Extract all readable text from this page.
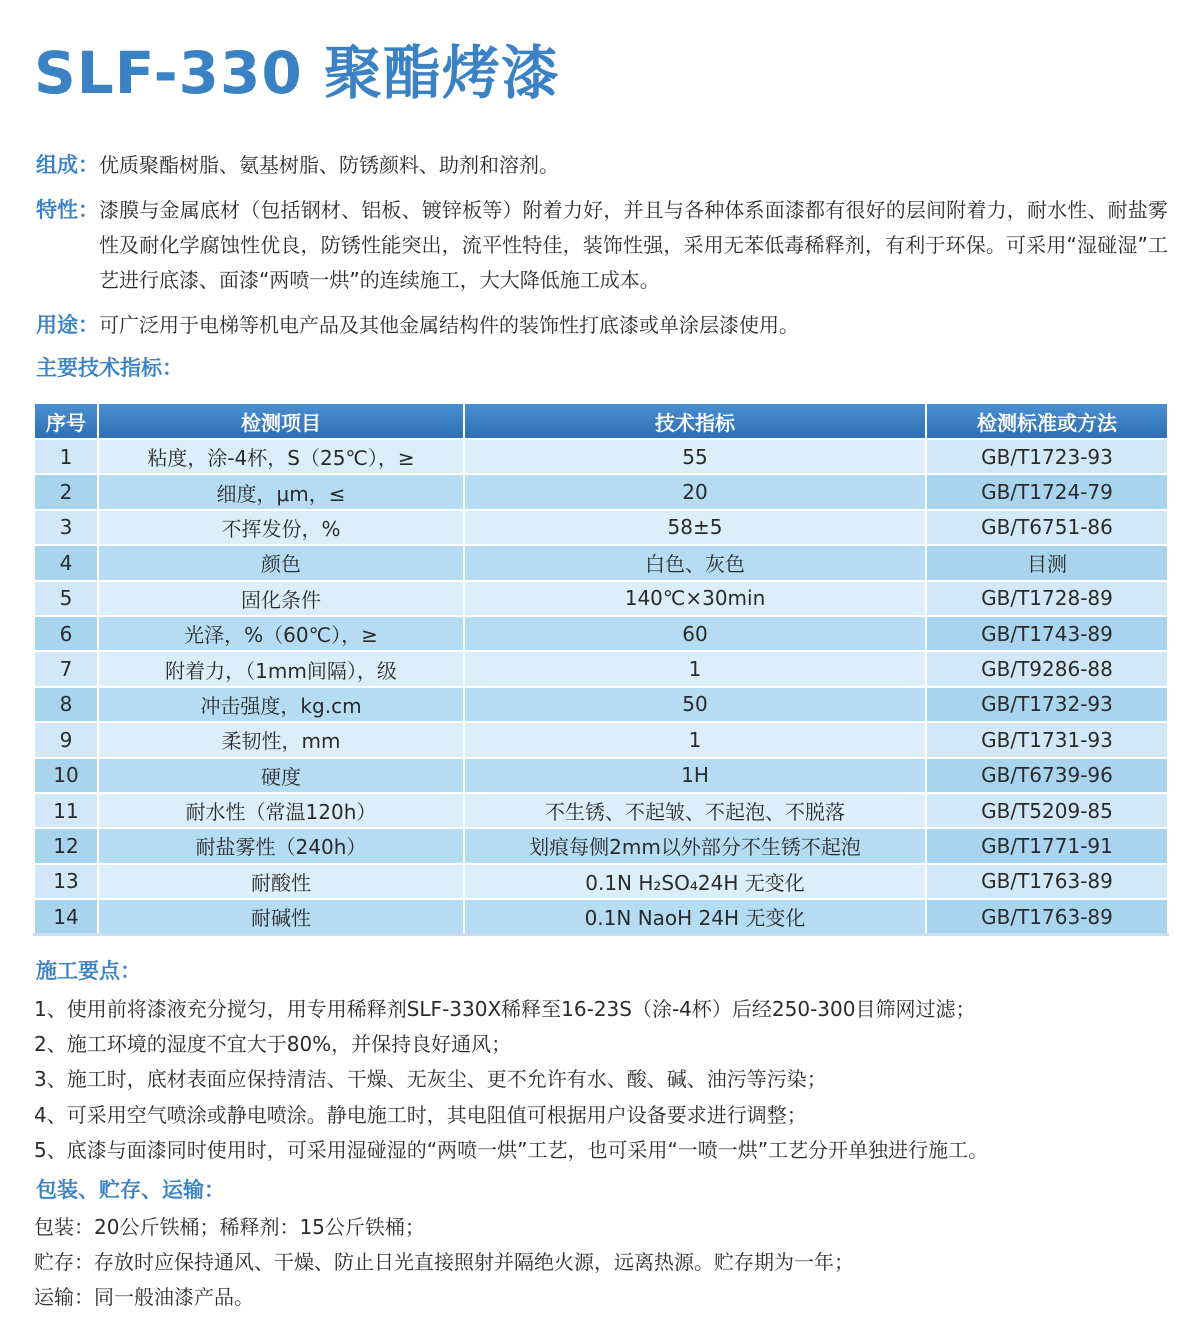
SLF-330 聚酯烤漆
组成： 优质聚酯树脂、氨基树脂、防锈颜料、助剂和溶剂。
特性： 漆膜与金属底材（包括钢材、铝板、镀锌板等）附着力好，并且与各种体系面漆都有很好的层间附着力，耐水性、耐盐雾性及耐化学腐蚀性优良，防锈性能突出，流平性特佳，装饰性强，采用无苯低毒稀释剂，有利于环保。可采用“湿碰湿”工艺进行底漆、面漆“两喷一烘”的连续施工，大大降低施工成本。
用途： 可广泛用于电梯等机电产品及其他金属结构件的装饰性打底漆或单涂层漆使用。
主要技术指标：
序号	检测项目	技术指标	检测标准或方法
1	粘度，涂-4杯，S（25℃），≥	55	GB/T1723-93
2	细度，μm，≤	20	GB/T1724-79
3	不挥发份，%	58±5	GB/T6751-86
4	颜色	白色、灰色	目测
5	固化条件	140℃×30min	GB/T1728-89
6	光泽，%（60℃），≥	60	GB/T1743-89
7	附着力，（1mm间隔），级	1	GB/T9286-88
8	冲击强度，kg.cm	50	GB/T1732-93
9	柔韧性，mm	1	GB/T1731-93
10	硬度	1H	GB/T6739-96
11	耐水性（常温120h）	不生锈、不起皱、不起泡、不脱落	GB/T5209-85
12	耐盐雾性（240h）	划痕每侧2mm以外部分不生锈不起泡	GB/T1771-91
13	耐酸性	0.1N H₂SO₄24H 无变化	GB/T1763-89
14	耐碱性	0.1N NaoH 24H 无变化	GB/T1763-89
施工要点：
1、使用前将漆液充分搅匀，用专用稀释剂SLF-330X稀释至16-23S（涂-4杯）后经250-300目筛网过滤；
2、施工环境的湿度不宜大于80%，并保持良好通风；
3、施工时，底材表面应保持清洁、干燥、无灰尘、更不允许有水、酸、碱、油污等污染；
4、可采用空气喷涂或静电喷涂。静电施工时，其电阻值可根据用户设备要求进行调整；
5、底漆与面漆同时使用时，可采用湿碰湿的“两喷一烘”工艺，也可采用“一喷一烘”工艺分开单独进行施工。
包装、贮存、运输：
包装：20公斤铁桶；稀释剂：15公斤铁桶；
贮存：存放时应保持通风、干燥、防止日光直接照射并隔绝火源，远离热源。贮存期为一年；
运输：同一般油漆产品。
